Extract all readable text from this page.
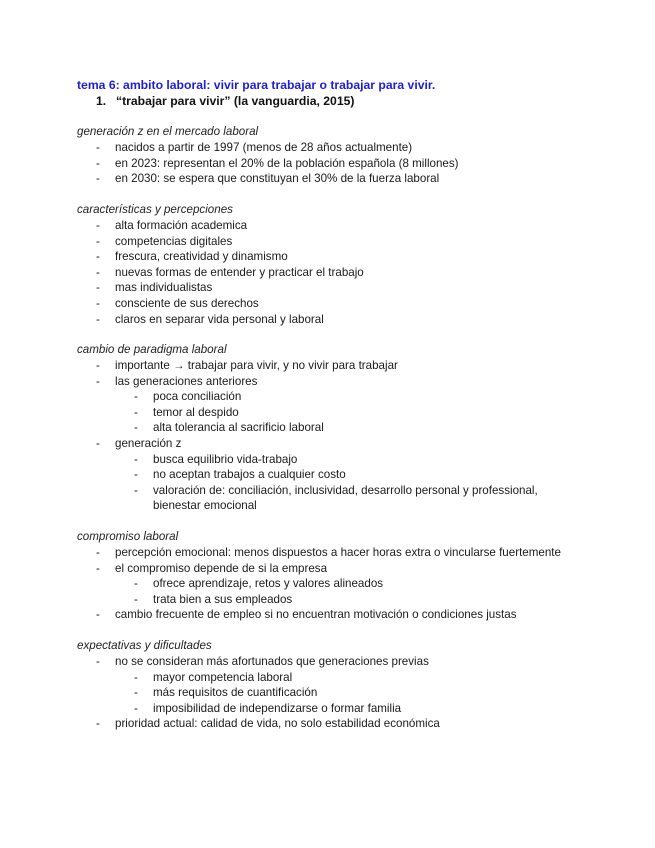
tema 6: ambito laboral: vivir para trabajar o trabajar para vivir.
1. “trabajar para vivir” (la vanguardia, 2015)
generación z en el mercado laboral
- nacidos a partir de 1997 (menos de 28 años actualmente)
- en 2023: representan el 20% de la población española (8 millones)
- en 2030: se espera que constituyan el 30% de la fuerza laboral
características y percepciones
- alta formación academica
- competencias digitales
- frescura, creatividad y dinamismo
- nuevas formas de entender y practicar el trabajo
- mas individualistas
- consciente de sus derechos
- claros en separar vida personal y laboral
cambio de paradigma laboral
- importante → trabajar para vivir, y no vivir para trabajar
- las generaciones anteriores
- poca conciliación
- temor al despido
- alta tolerancia al sacrificio laboral
- generación z
- busca equilibrio vida-trabajo
- no aceptan trabajos a cualquier costo
- valoración de: conciliación, inclusividad, desarrollo personal y professional, bienestar emocional
compromiso laboral
- percepción emocional: menos dispuestos a hacer horas extra o vincularse fuertemente
- el compromiso depende de si la empresa
- ofrece aprendizaje, retos y valores alineados
- trata bien a sus empleados
- cambio frecuente de empleo si no encuentran motivación o condiciones justas
expectativas y dificultades
- no se consideran más afortunados que generaciones previas
- mayor competencia laboral
- más requisitos de cuantificación
- imposibilidad de independizarse o formar familia
- prioridad actual: calidad de vida, no solo estabilidad económica
